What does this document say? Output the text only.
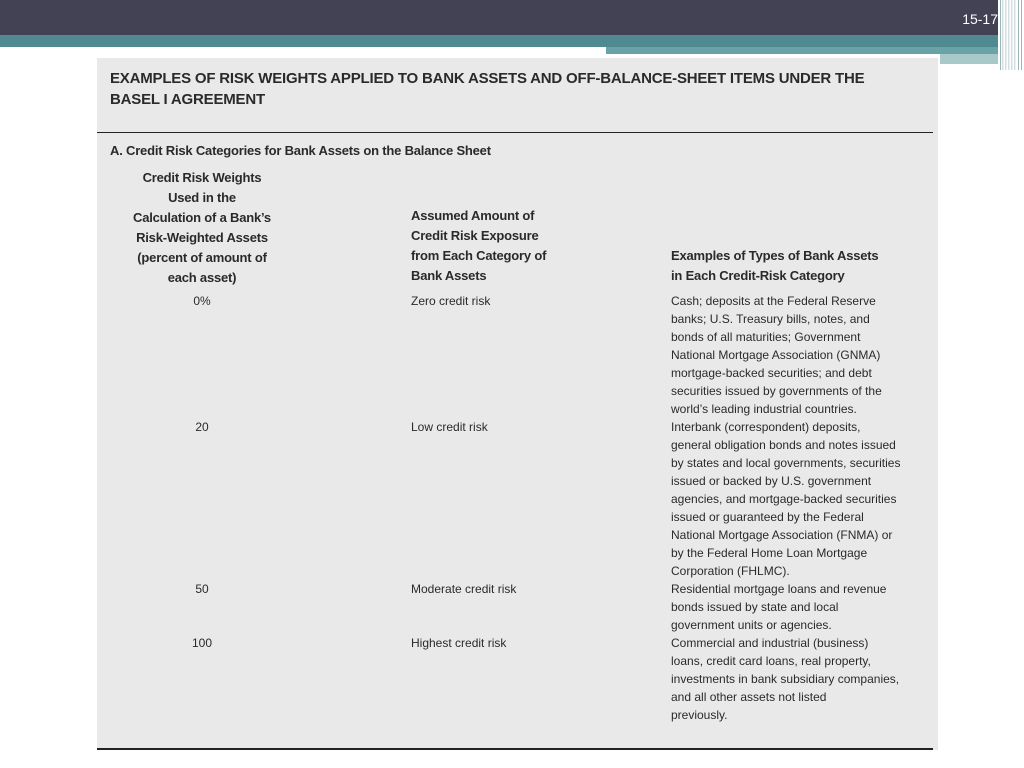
15-17
EXAMPLES OF RISK WEIGHTS APPLIED TO BANK ASSETS AND OFF-BALANCE-SHEET ITEMS UNDER THE
BASEL I AGREEMENT
A. Credit Risk Categories for Bank Assets on the Balance Sheet
Credit Risk Weights
Used in the
Calculation of a Bank’s
Risk-Weighted Assets
(percent of amount of
each asset)
Assumed Amount of
Credit Risk Exposure
from Each Category of
Bank Assets
Examples of Types of Bank Assets
in Each Credit-Risk Category
0%	Zero credit risk	Cash; deposits at the Federal Reserve
banks; U.S. Treasury bills, notes, and
bonds of all maturities; Government
National Mortgage Association (GNMA)
mortgage-backed securities; and debt
securities issued by governments of the
world’s leading industrial countries.
20	Low credit risk	Interbank (correspondent) deposits,
general obligation bonds and notes issued
by states and local governments, securities
issued or backed by U.S. government
agencies, and mortgage-backed securities
issued or guaranteed by the Federal
National Mortgage Association (FNMA) or
by the Federal Home Loan Mortgage
Corporation (FHLMC).
50	Moderate credit risk	Residential mortgage loans and revenue
bonds issued by state and local
government units or agencies.
100	Highest credit risk	Commercial and industrial (business)
loans, credit card loans, real property,
investments in bank subsidiary companies,
and all other assets not listed
previously.
